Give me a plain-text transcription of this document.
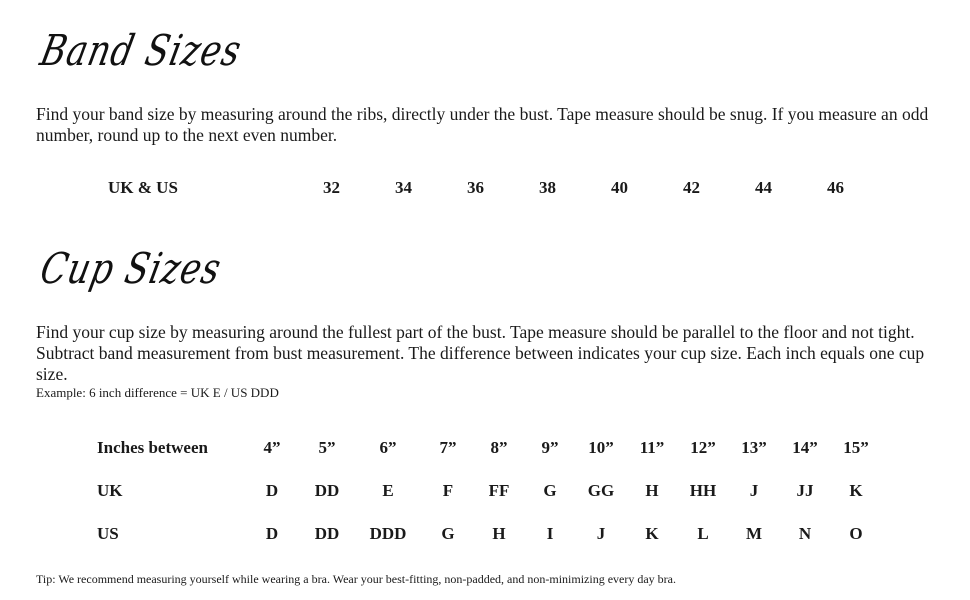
Band Sizes

Find your band size by measuring around the ribs, directly under the bust. Tape measure should be snug. If you measure an odd number, round up to the next even number.

UK & US	32	34	36	38	40	42	44	46
Cup Sizes

Find your cup size by measuring around the fullest part of the bust. Tape measure should be parallel to the floor and not tight. Subtract band measurement from bust measurement. The difference between indicates your cup size. Each inch equals one cup size.

Example: 6 inch difference = UK E / US DDD
Inches between	4” 5”	6”	7” 8” 9” 10” 11” 12” 13” 14” 15”
UK	D DD	E	F FF G GG H HH J JJ K
US	D DD DDD G H I	J K L M N O
Tip: We recommend measuring yourself while wearing a bra. Wear your best-fitting, non-padded, and non-minimizing every day bra.
